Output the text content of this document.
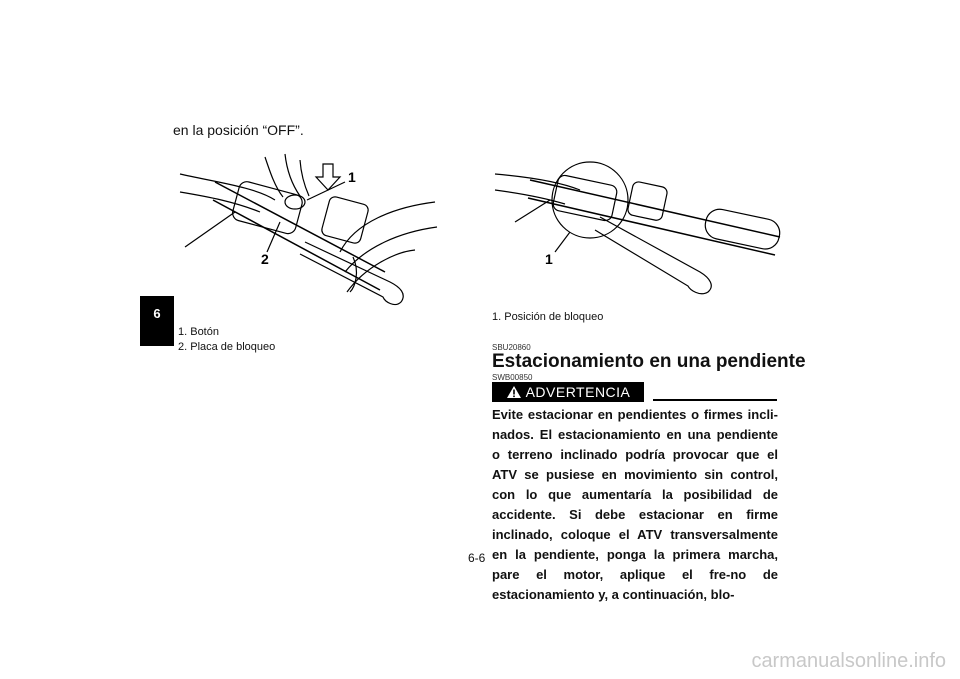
en la posición “OFF”.
6
1
2	1
1. Botón
2. Placa de bloqueo
1. Posición de bloqueo
SBU20860
Estacionamiento en una pendiente
SWB00850
ADVERTENCIA
Evite estacionar en pendientes o firmes incli-nados. El estacionamiento en una pendiente o terreno inclinado podría provocar que el ATV se pusiese en movimiento sin control, con lo que aumentaría la posibilidad de accidente. Si debe estacionar en firme inclinado, coloque el ATV transversalmente en la pendiente, ponga la primera marcha, pare el motor, aplique el fre-no de estacionamiento y, a continuación, blo-
6-6
carmanualsonline.info
